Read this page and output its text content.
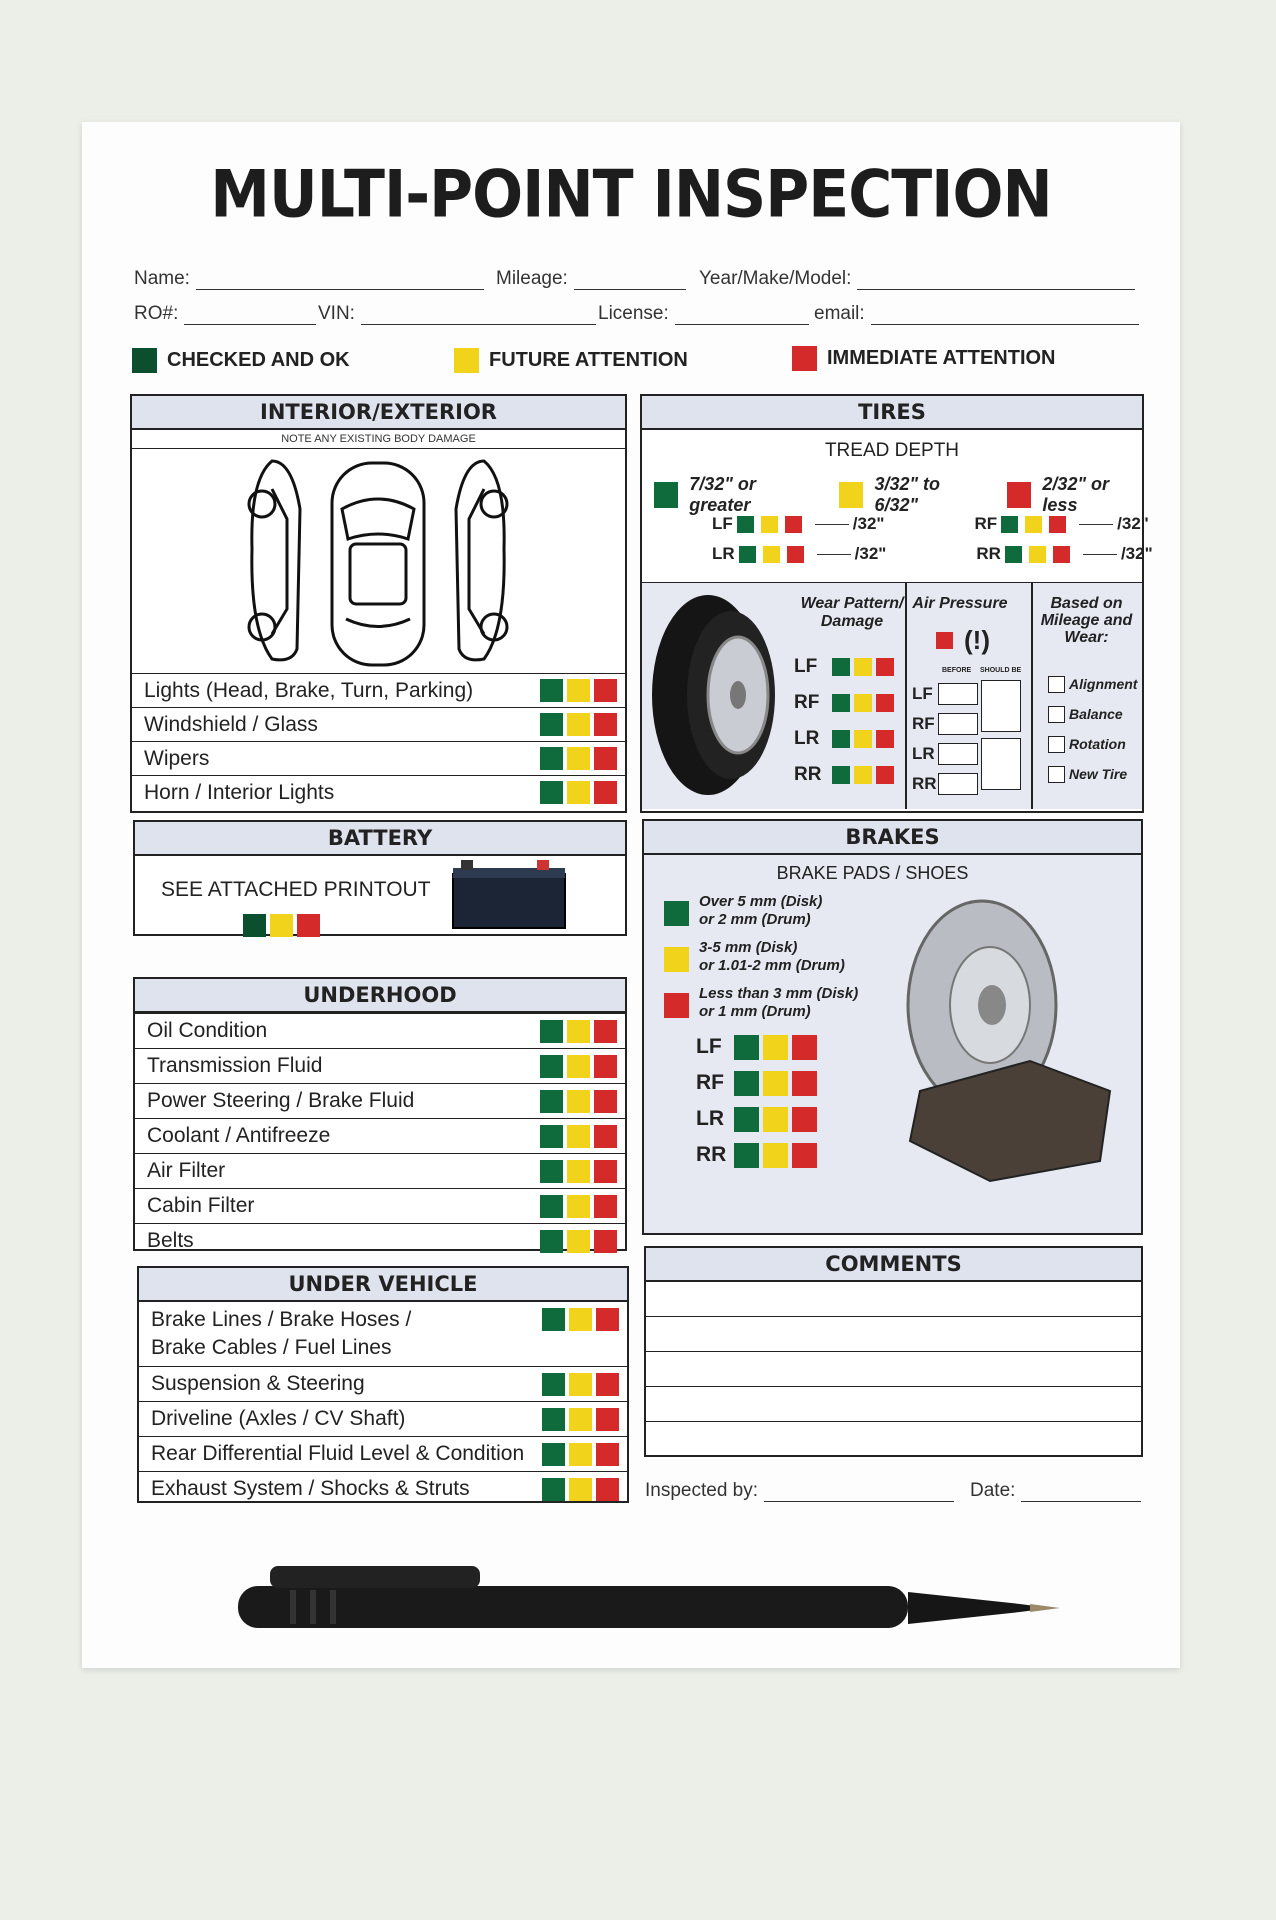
MULTI-POINT INSPECTION
Name:	Mileage:	Year/Make/Model:
RO#:	VIN:	License:	email:
CHECKED AND OK	FUTURE ATTENTION	IMMEDIATE ATTENTION
INTERIOR/EXTERIOR
NOTE ANY EXISTING BODY DAMAGE
Lights (Head, Brake, Turn, Parking)
Windshield / Glass
Wipers
Horn / Interior Lights
BATTERY
SEE ATTACHED PRINTOUT
UNDERHOOD
Oil Condition
Transmission Fluid
Power Steering / Brake Fluid
Coolant / Antifreeze
Air Filter
Cabin Filter
Belts
UNDER VEHICLE
Brake Lines / Brake Hoses /
Brake Cables / Fuel Lines
Suspension & Steering
Driveline (Axles / CV Shaft)
Rear Differential Fluid Level & Condition
Exhaust System / Shocks & Struts
TIRES
TREAD DEPTH
7/32" or greater
3/32" to 6/32"
2/32" or less
LF	/32"	RF	/32"
LR	/32"	RR	/32"
Wear Pattern/ Damage
LF
RF
LR
RR
Air Pressure
(!)
BEFORE SHOULD BE
LF
RF
LR
RR
Based on Mileage and Wear:
Alignment
Balance
Rotation
New Tire
BRAKES
BRAKE PADS / SHOES
Over 5 mm (Disk)
or 2 mm (Drum)
3-5 mm (Disk)
or 1.01-2 mm (Drum)
Less than 3 mm (Disk)
or 1 mm (Drum)
LF
RF
LR
RR
COMMENTS
Inspected by:	Date:
